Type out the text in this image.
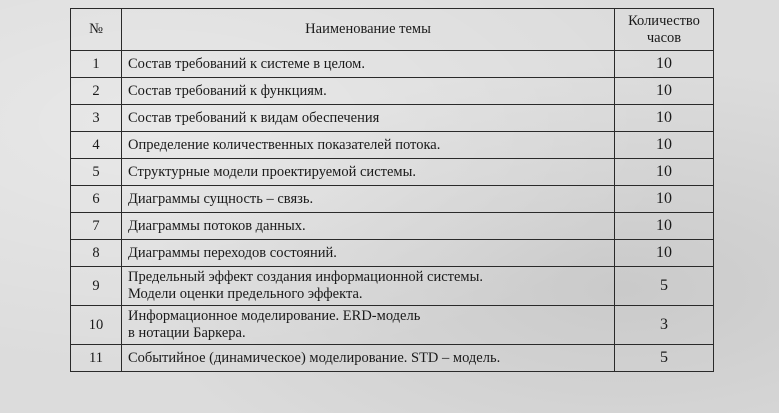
№	Наименование темы	Количество
часов

1	Состав требований к системе в целом.	10
2	Состав требований к функциям.	10
3	Состав требований к видам обеспечения	10
4	Определение количественных показателей потока.	10
5	Структурные модели проектируемой системы.	10
6	Диаграммы сущность – связь.	10
7	Диаграммы потоков данных.	10
8	Диаграммы переходов состояний.	10
9	Предельный эффект создания информационной системы.
Модели оценки предельного эффекта.	5
10	Информационное моделирование. ERD-модель
в нотации Баркера.	3
11	Событийное (динамическое) моделирование. STD – модель.	5
